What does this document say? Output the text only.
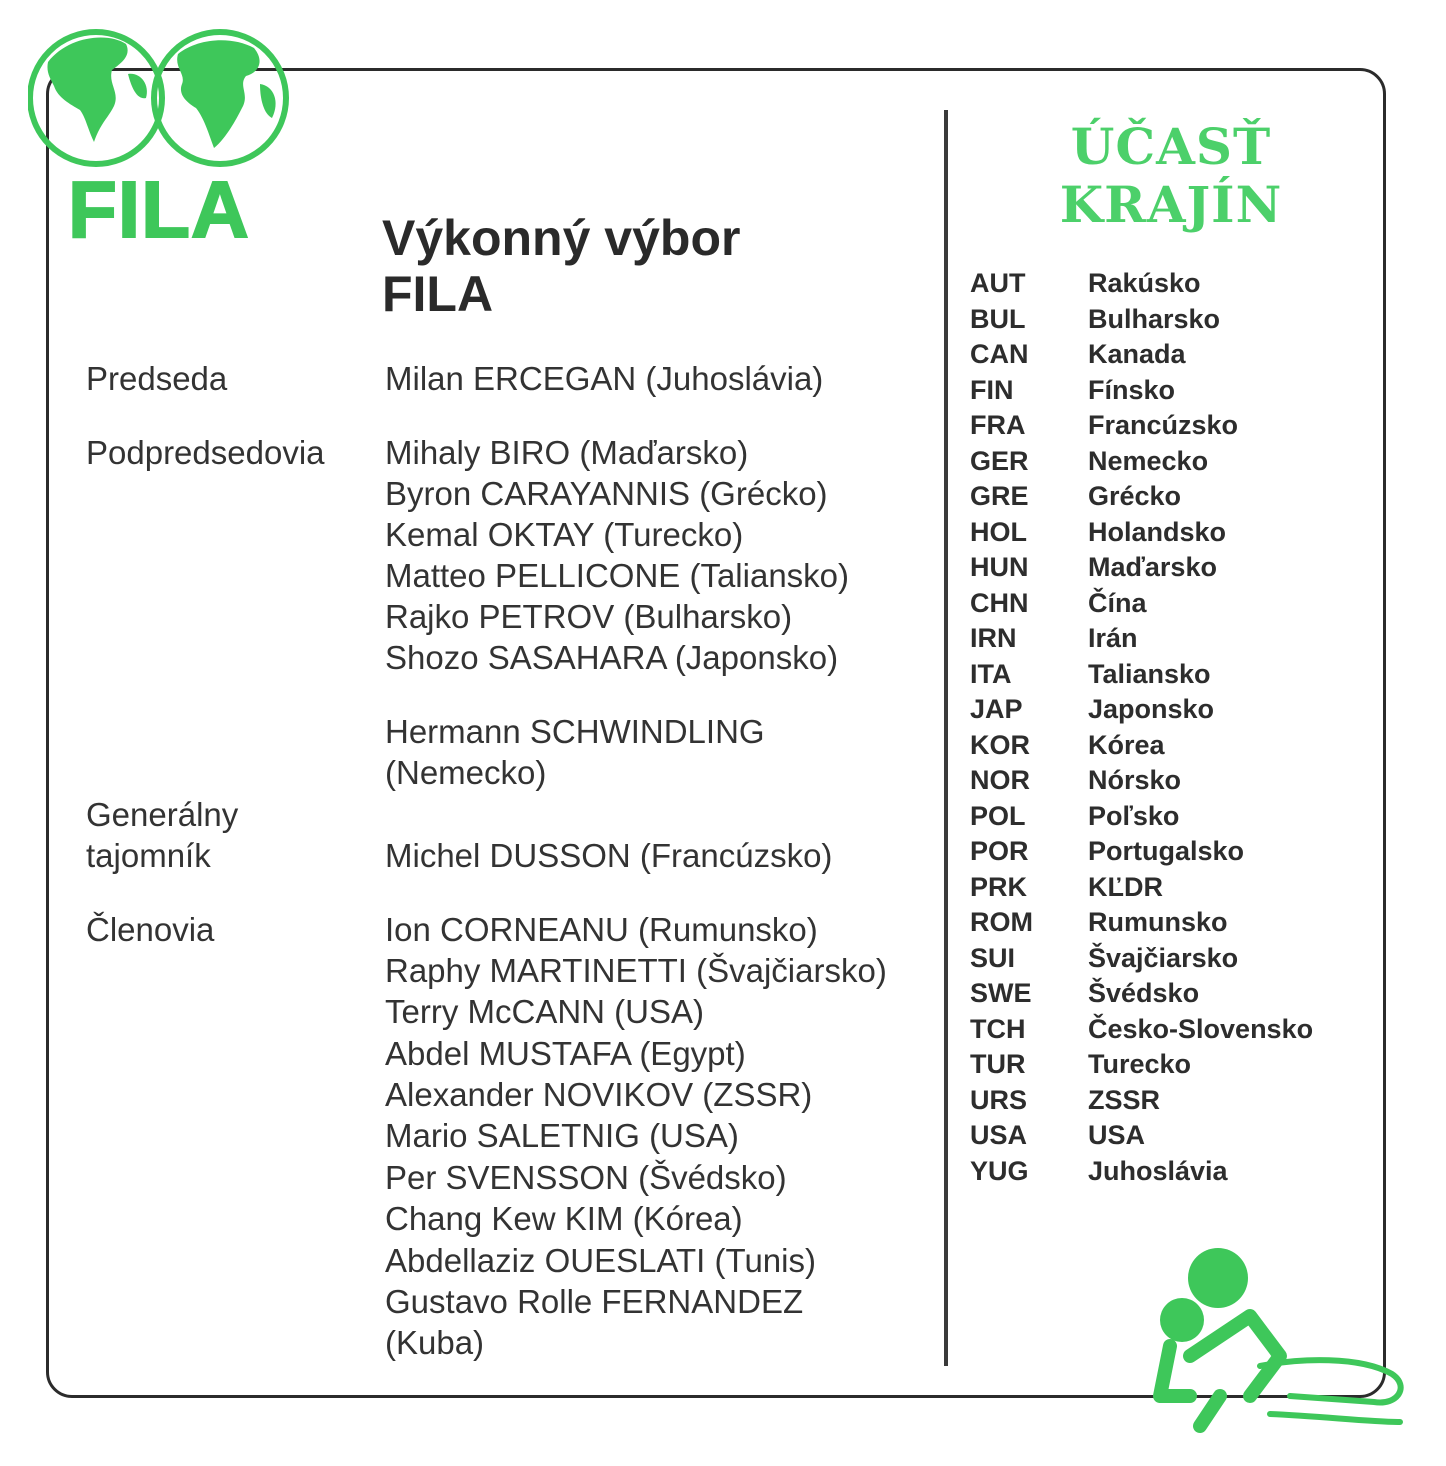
FILA	Výkonný výbor
FILA
Predseda	Milan ERCEGAN (Juhoslávia)
Podpredsedovia Mihaly BIRO (Maďarsko)
Byron CARAYANNIS (Grécko)
Kemal OKTAY (Turecko)
Matteo PELLICONE (Taliansko)
Rajko PETROV (Bulharsko)
Shozo SASAHARA (Japonsko)
Hermann SCHWINDLING
(Nemecko)
Generálny
tajomník	Michel DUSSON (Francúzsko)
Členovia	Ion CORNEANU (Rumunsko)
Raphy MARTINETTI (Švajčiarsko)
Terry McCANN (USA)
Abdel MUSTAFA (Egypt)
Alexander NOVIKOV (ZSSR)
Mario SALETNIG (USA)
Per SVENSSON (Švédsko)
Chang Kew KIM (Kórea)
Abdellaziz OUESLATI (Tunis)
Gustavo Rolle FERNANDEZ
(Kuba)
ÚČASŤ
KRAJÍN
AUT Rakúsko
BUL Bulharsko
CAN Kanada
FIN	Fínsko
FRA Francúzsko
GER Nemecko
GRE Grécko
HOL Holandsko
HUN Maďarsko
CHN Čína
IRN	Irán
ITA	Taliansko
JAP Japonsko
KOR Kórea
NOR Nórsko
POL Poľsko
POR Portugalsko
PRK KĽDR
ROM Rumunsko
SUI	Švajčiarsko
SWE Švédsko
TCH Česko-Slovensko
TUR Turecko
URS ZSSR
USA USA
YUG Juhoslávia
